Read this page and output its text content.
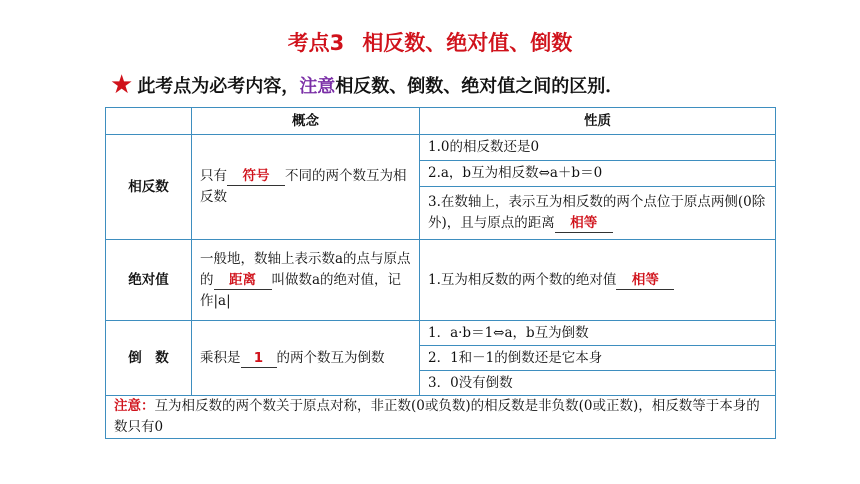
考点3 相反数、绝对值、倒数
★ 此考点为必考内容， 注意 相反数、倒数、绝对值之间的区别．
	概念	性质
相反数	只有 符号 不同的两个数互为相反数	1.0的相反数还是0
		2.a，b互为相反数⇔a＋b＝0
		3.在数轴上，表示互为相反数的两个点位于原点两侧(0除外)，且与原点的距离 相等
绝对值	一般地，数轴上表示数a的点与原点的 距离 叫做数a的绝对值，记作|a|	1.互为相反数的两个数的绝对值 相等
倒　数	乘积是 1 的两个数互为倒数	1．a·b＝1⇔a，b互为倒数
		2．1和－1的倒数还是它本身
		3．0没有倒数
注意：互为相反数的两个数关于原点对称，非正数(0或负数)的相反数是非负数(0或正数)，相反数等于本身的数只有0		
